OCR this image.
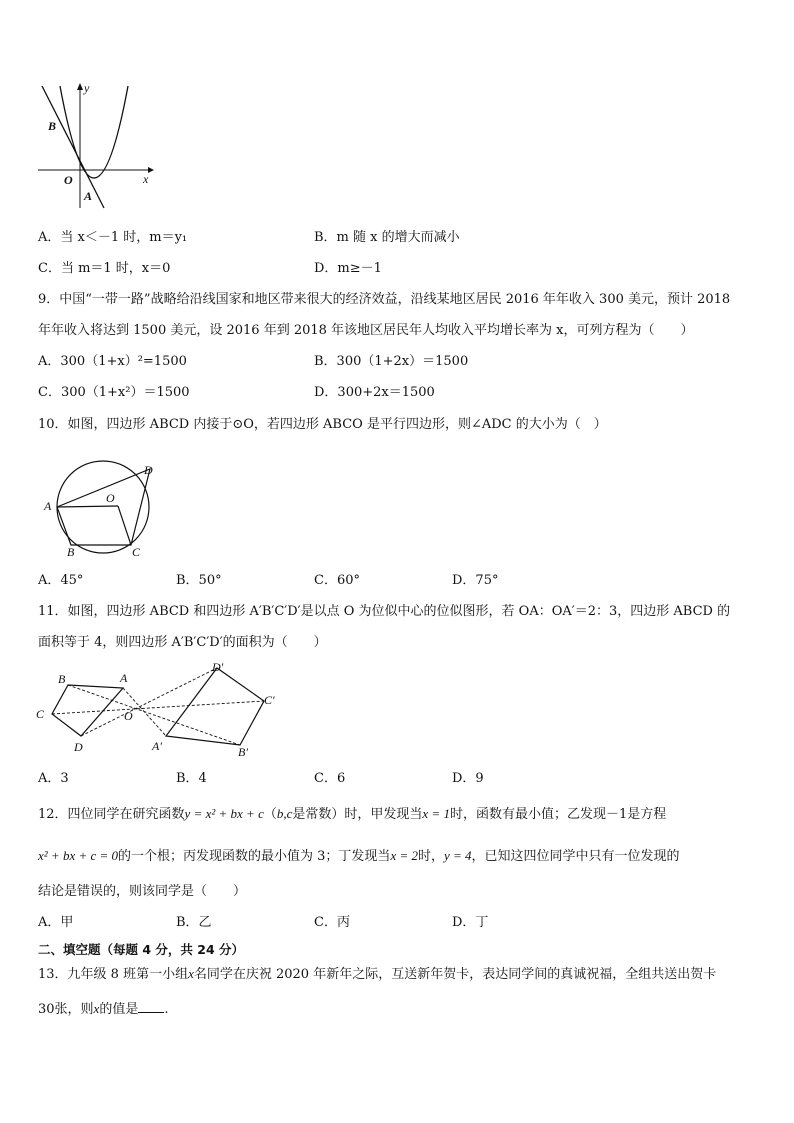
y
x
O
B
A
A．当 x＜－1 时，m＝y₁	B．m 随 x 的增大而减小
C．当 m＝1 时，x＝0	D．m≥－1
9．中国“一带一路”战略给沿线国家和地区带来很大的经济效益，沿线某地区居民 2016 年年收入 300 美元，预计 2018
年年收入将达到 1500 美元，设 2016 年到 2018 年该地区居民年人均收入平均增长率为 x，可列方程为（　　）
A．300（1+x）²=1500	B．300（1+2x）＝1500
C．300（1+x²）＝1500	D．300+2x＝1500
10．如图，四边形 ABCD 内接于⊙O，若四边形 ABCO 是平行四边形，则∠ADC 的大小为（　）
A
B	C
D
O
A．45°	B．50°	C．60°	D．75°
11．如图，四边形 ABCD 和四边形 A′B′C′D′是以点 O 为位似中心的位似图形，若 OA：OA′＝2：3，四边形 ABCD 的
面积等于 4，则四边形 A′B′C′D′的面积为（　　）
B	A
C
D
O
D′
C′
A′	B′
A．3	B．4	C．6	D．9
12．四位同学在研究函数y = x² + bx + c（b,c是常数）时，甲发现当x = 1时，函数有最小值；乙发现－1是方程
x² + bx + c = 0的一个根；丙发现函数的最小值为 3；丁发现当x = 2时，y = 4，已知这四位同学中只有一位发现的
结论是错误的，则该同学是（　　）
A．甲	B．乙	C．丙	D．丁
二、填空题（每题 4 分，共 24 分）
13．九年级 8 班第一小组x名同学在庆祝 2020 年新年之际，互送新年贺卡，表达同学间的真诚祝福，全组共送出贺卡
30张，则x的值是 .
